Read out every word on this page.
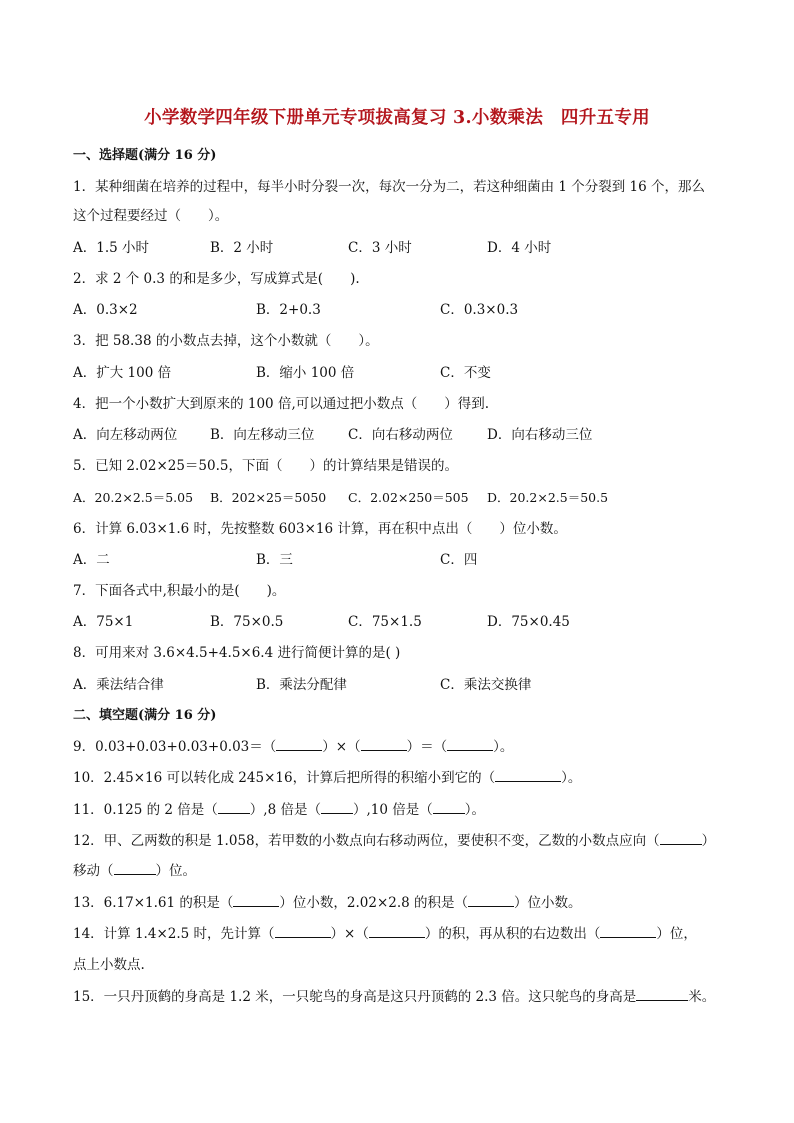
小学数学四年级下册单元专项拔高复习 3.小数乘法　四升五专用
一、选择题(满分 16 分)
1．某种细菌在培养的过程中，每半小时分裂一次，每次一分为二，若这种细菌由 1 个分裂到 16 个，那么
这个过程要经过（　　）。
A．1.5 小时	B．2 小时	C．3 小时	D．4 小时
2．求 2 个 0.3 的和是多少，写成算式是(　　).
A．0.3×2	B．2+0.3	C．0.3×0.3
3．把 58.38 的小数点去掉，这个小数就（　　）。
A．扩大 100 倍	B．缩小 100 倍	C．不变
4．把一个小数扩大到原来的 100 倍,可以通过把小数点（　　）得到.
A．向左移动两位 B．向左移动三位 C．向右移动两位	D．向右移动三位
5．已知 2.02×25＝50.5，下面（　　）的计算结果是错误的。
A．20.2×2.5＝5.05 B．202×25＝5050 C．2.02×250＝505 D．20.2×2.5＝50.5
6．计算 6.03×1.6 时，先按整数 603×16 计算，再在积中点出（　　）位小数。
A．二	B．三	C．四
7．下面各式中,积最小的是(　　)。
A．75×1	B．75×0.5	C．75×1.5	D．75×0.45
8．可用来对 3.6×4.5+4.5×6.4 进行简便计算的是( )
A．乘法结合律	B．乘法分配律	C．乘法交换律
二、填空题(满分 16 分)
9．0.03+0.03+0.03+0.03＝（	）×（	）＝（	）。
10．2.45×16 可以转化成 245×16，计算后把所得的积缩小到它的（	）。
11．0.125 的 2 倍是（ ）,8 倍是（ ）,10 倍是（ ）。
12．甲、乙两数的积是 1.058，若甲数的小数点向右移动两位，要使积不变，乙数的小数点应向（	）
移动（	）位。
13．6.17×1.61 的积是（	）位小数，2.02×2.8 的积是（	）位小数。
14．计算 1.4×2.5 时，先计算（	）×（	）的积，再从积的右边数出（	）位，
点上小数点.
15．一只丹顶鹤的身高是 1.2 米，一只鸵鸟的身高是这只丹顶鹤的 2.3 倍。这只鸵鸟的身高是	米。
